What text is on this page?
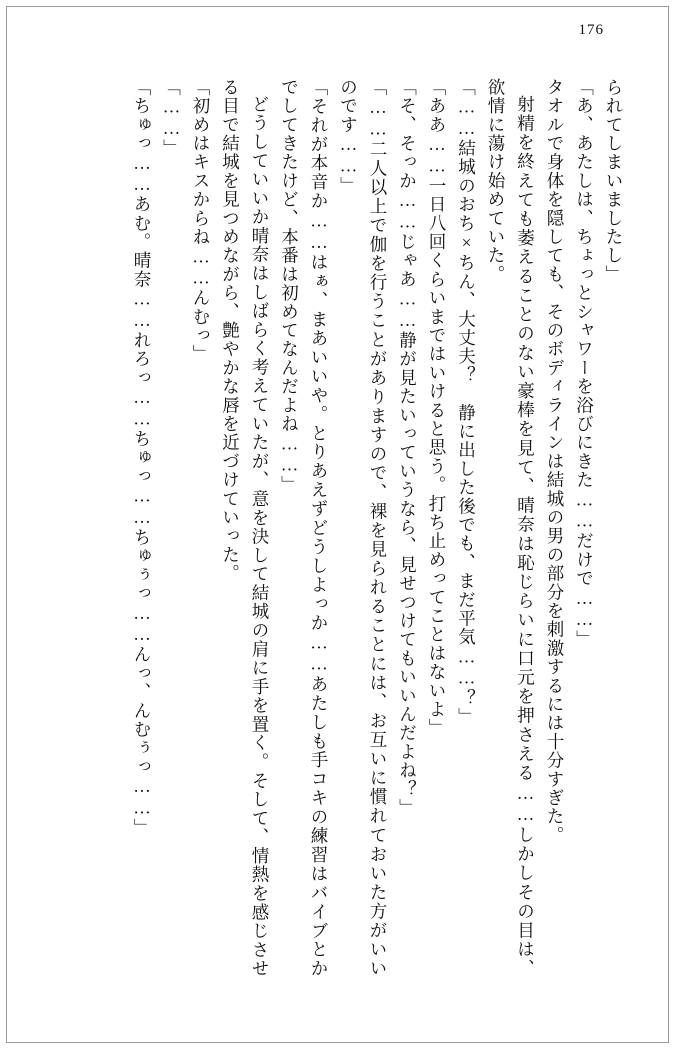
176

られてしまいましたし」

「あ、あたしは、ちょっとシャワーを浴びにきた……だけで……」

タオルで身体を隠しても、そのボディラインは結城の男の部分を刺激するには十分すぎた。

射精を終えても萎えることのない豪棒を見て、晴奈は恥じらいに口元を押さえる……しかしその目は、欲情に蕩け始めていた。

「……結城のおち×ちん、大丈夫？　静に出した後でも、まだ平気……？」

「ああ……一日八回くらいまではいけると思う。打ち止めってことはないよ」

「そ、そっか……じゃあ……静が見たいっていうなら、見せつけてもいいんだよね？」

「……二人以上で伽を行うことがありますので、裸を見られることには、お互いに慣れておいた方がいいのです……」

「それが本音か……はぁ、まあいいや。とりあえずどうしよっか……あたしも手コキの練習はバイブとかでしてきたけど、本番は初めてなんだよね……」

どうしていいか晴奈はしばらく考えていたが、意を決して結城の肩に手を置く。そして、情熱を感じさせる目で結城を見つめながら、艶やかな唇を近づけていった。

「初めはキスからね……んむっ」

「……」

「ちゅっ……あむ。晴奈……れろっ……ちゅっ……ちゅぅっ……んっ、んむぅっ……」
